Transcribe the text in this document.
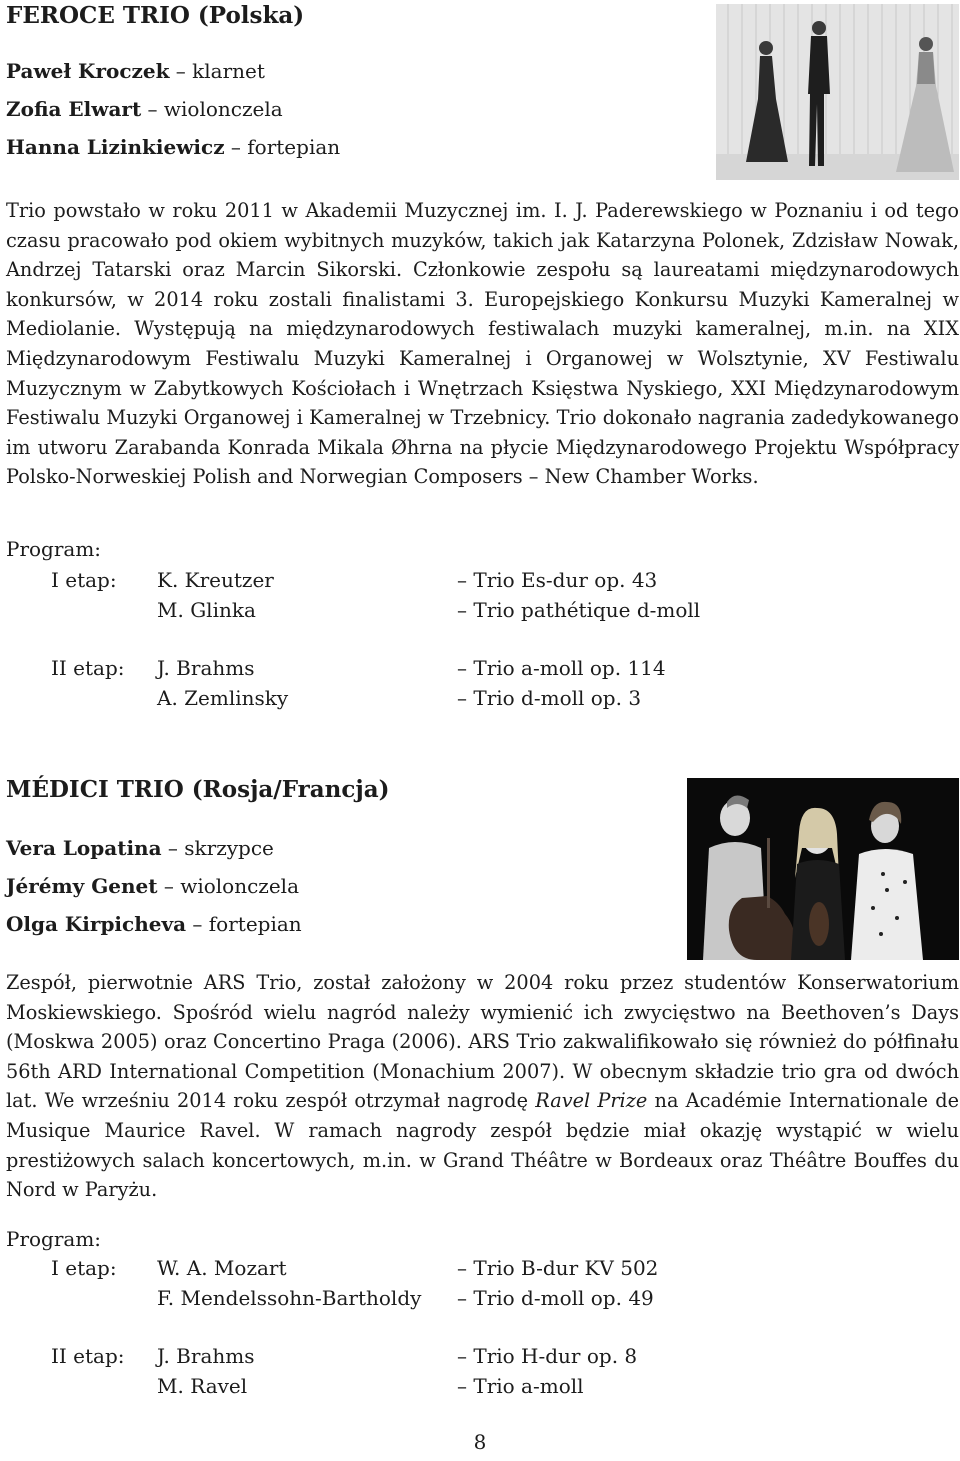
FEROCE TRIO (Polska)
Paweł Kroczek – klarnet
Zofia Elwart – wiolonczela
Hanna Lizinkiewicz – fortepian

Trio powstało w roku 2011 w Akademii Muzycznej im. I. J. Paderewskiego w Poznaniu i od tego czasu pracowało pod okiem wybitnych muzyków, takich jak Katarzyna Polonek, Zdzisław Nowak, Andrzej Tatarski oraz Marcin Sikorski. Członkowie zespołu są laureatami międzynarodowych konkursów, w 2014 roku zostali finalistami 3. Europejskiego Konkursu Muzyki Kameralnej w Mediolanie. Występują na międzynarodowych festiwalach muzyki kameralnej, m.in. na XIX Międzynarodowym Festiwalu Muzyki Kameralnej i Organowej w Wolsztynie, XV Festiwalu Muzycznym w Zabytkowych Kościołach i Wnętrzach Księstwa Nyskiego, XXI Międzynarodowym Festiwalu Muzyki Organowej i Kameralnej w Trzebnicy. Trio dokonało nagrania zadedykowanego im utworu Zarabanda Konrada Mikala Øhrna na płycie Międzynarodowego Projektu Współpracy Polsko-Norweskiej Polish and Norwegian Composers – New Chamber Works.

Program:
I etap: K. Kreutzer	– Trio Es-dur op. 43
M. Glinka	– Trio pathétique d-moll
II etap: J. Brahms	– Trio a-moll op. 114
A. Zemlinsky	– Trio d-moll op. 3
MÉDICI TRIO (Rosja/Francja)
Vera Lopatina – skrzypce
Jérémy Genet – wiolonczela
Olga Kirpicheva – fortepian

Zespół, pierwotnie ARS Trio, został założony w 2004 roku przez studentów Konserwatorium Moskiewskiego. Spośród wielu nagród należy wymienić ich zwycięstwo na Beethoven’s Days (Moskwa 2005) oraz Concertino Praga (2006). ARS Trio zakwalifikowało się również do półfinału 56th ARD International Competition (Monachium 2007). W obecnym składzie trio gra od dwóch lat. We wrześniu 2014 roku zespół otrzymał nagrodę Ravel Prize na Académie Internationale de Musique Maurice Ravel. W ramach nagrody zespół będzie miał okazję wystąpić w wielu prestiżowych salach koncertowych, m.in. w Grand Théâtre w Bordeaux oraz Théâtre Bouffes du Nord w Paryżu.

Program:
I etap: W. A. Mozart	– Trio B-dur KV 502
F. Mendelssohn-Bartholdy – Trio d-moll op. 49
II etap: J. Brahms	– Trio H-dur op. 8
M. Ravel	– Trio a-moll
8
